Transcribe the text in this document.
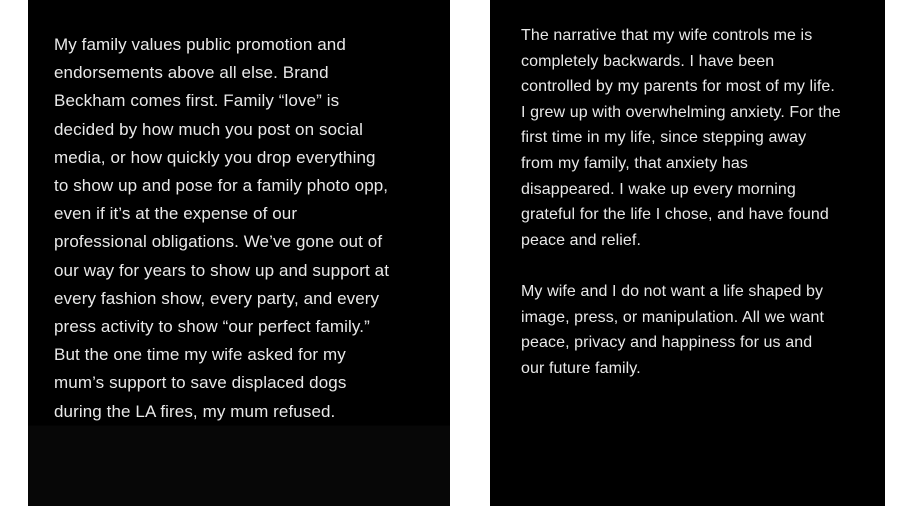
My family values public promotion and
endorsements above all else. Brand
Beckham comes first. Family “love” is
decided by how much you post on social
media, or how quickly you drop everything
to show up and pose for a family photo opp,
even if it’s at the expense of our
professional obligations. We’ve gone out of
our way for years to show up and support at
every fashion show, every party, and every
press activity to show “our perfect family.”
But the one time my wife asked for my
mum’s support to save displaced dogs
during the LA fires, my mum refused.

The narrative that my wife controls me is
completely backwards. I have been
controlled by my parents for most of my life.
I grew up with overwhelming anxiety. For the
first time in my life, since stepping away
from my family, that anxiety has
disappeared. I wake up every morning
grateful for the life I chose, and have found
peace and relief.

My wife and I do not want a life shaped by
image, press, or manipulation. All we want
peace, privacy and happiness for us and
our future family.
